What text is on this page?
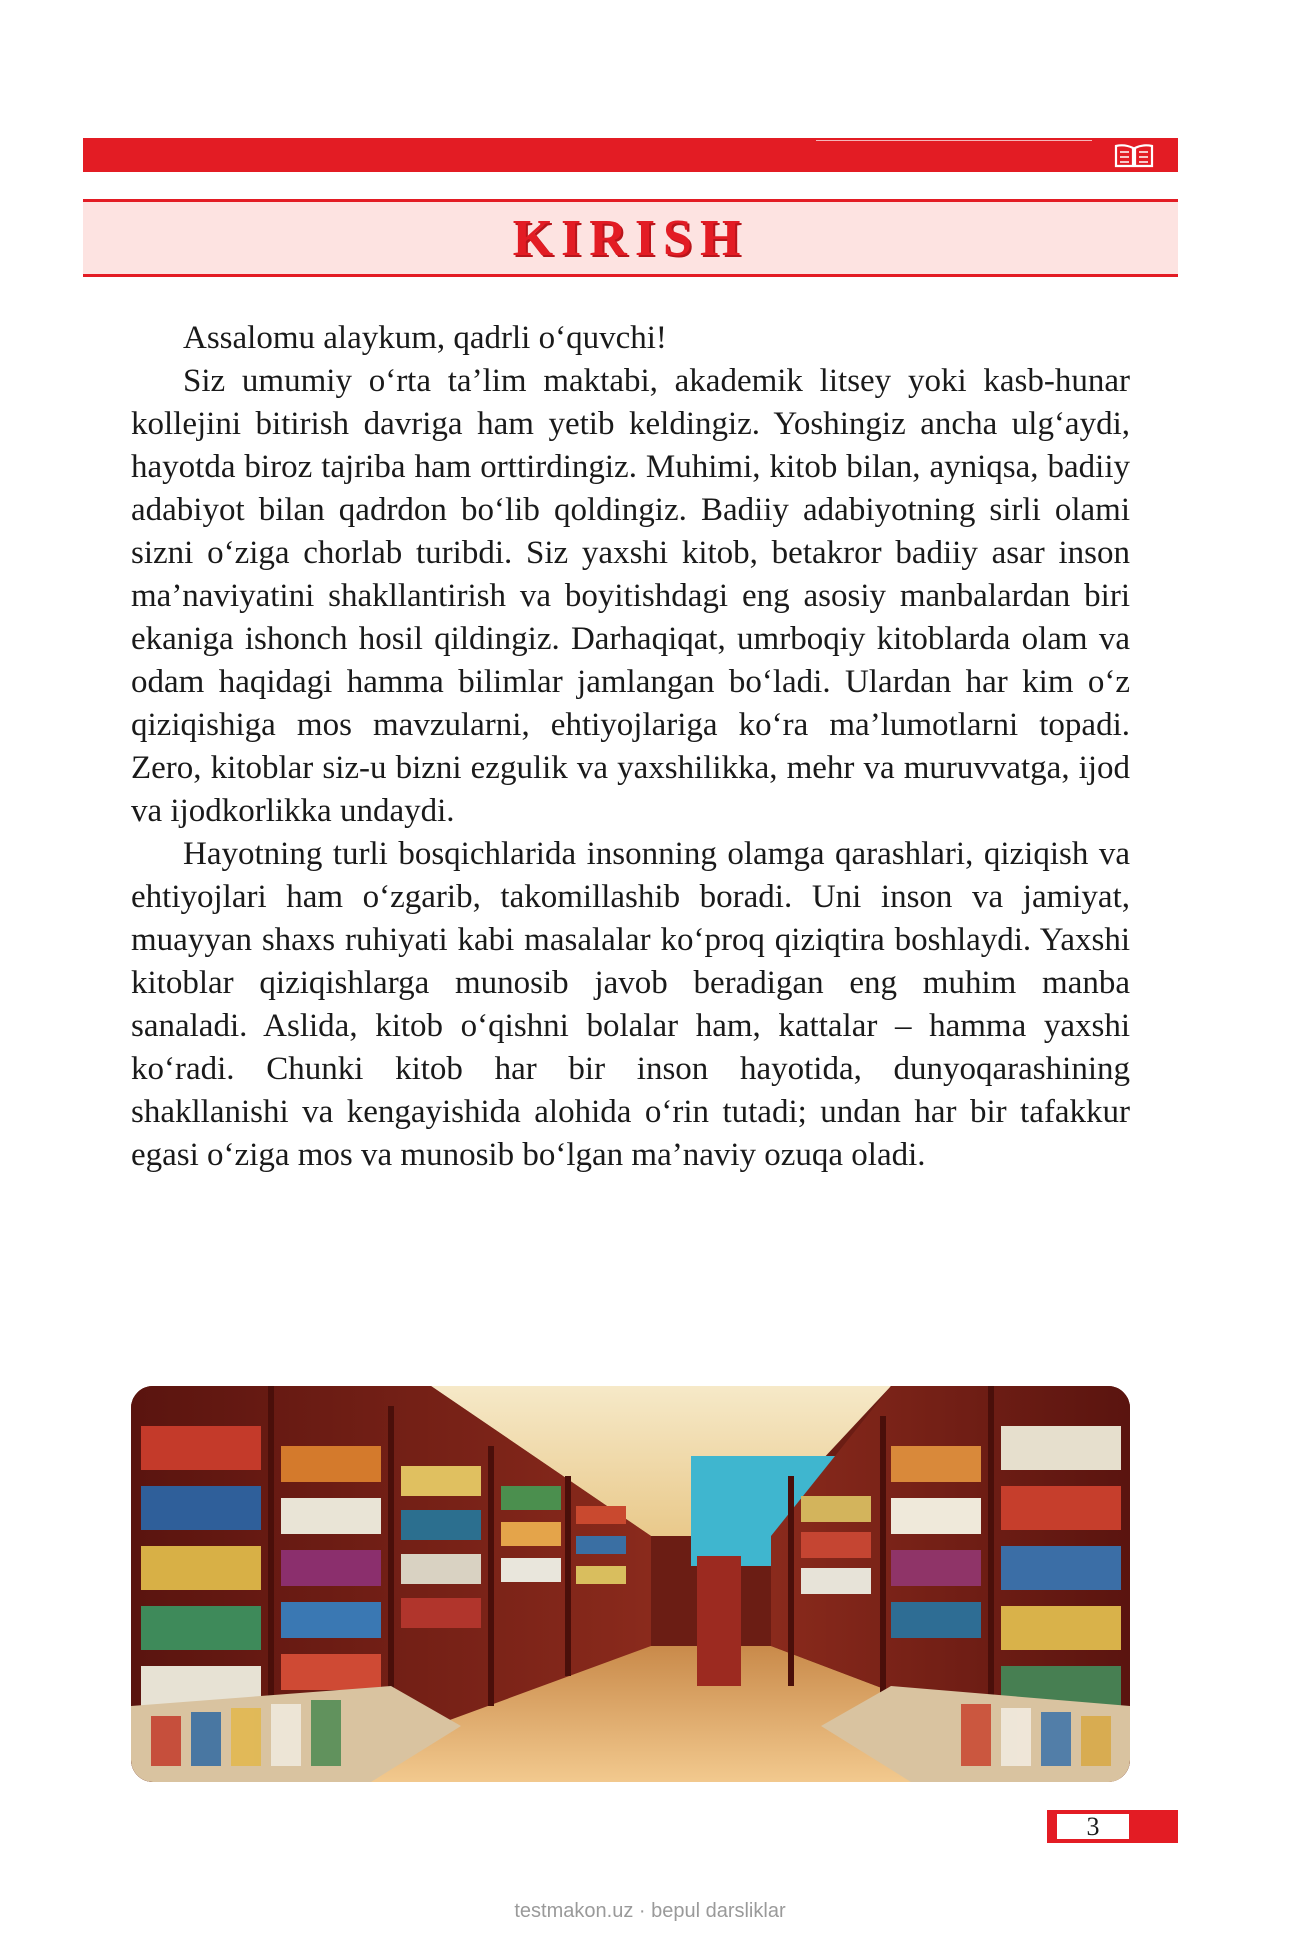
KIRISH

Assalomu alaykum, qadrli o‘quvchi!

Siz umumiy o‘rta ta’lim maktabi, akademik litsey yoki kasb-hunar kollejini bitirish davriga ham yetib keldingiz. Yoshingiz ancha ulg‘aydi, hayotda biroz tajriba ham orttirdingiz. Muhimi, kitob bilan, ayniqsa, badiiy adabiyot bilan qadrdon bo‘lib qoldingiz. Badiiy adabiyotning sirli olami sizni o‘ziga chorlab turibdi. Siz yaxshi kitob, betakror badiiy asar inson ma’naviyatini shakllantirish va boyitishdagi eng asosiy manbalardan biri ekaniga ishonch hosil qildingiz. Darhaqiqat, umrboqiy kitoblarda olam va odam haqidagi hamma bilimlar jamlangan bo‘ladi. Ulardan har kim o‘z qiziqishiga mos mavzularni, ehtiyojlariga ko‘ra ma’lumotlarni topadi. Zero, kitoblar siz-u bizni ezgulik va yaxshilikka, mehr va muruvvatga, ijod va ijodkorlikka undaydi.

Hayotning turli bosqichlarida insonning olamga qarashlari, qiziqish va ehtiyojlari ham o‘zgarib, takomillashib boradi. Uni inson va jamiyat, muayyan shaxs ruhiyati kabi masalalar ko‘proq qiziqtira boshlaydi. Yaxshi kitoblar qiziqishlarga munosib javob beradigan eng muhim manba sanaladi. Aslida, kitob o‘qishni bolalar ham, kattalar – hamma yaxshi ko‘radi. Chunki kitob har bir inson hayotida, dunyoqarashining shakllanishi va kengayishida alohida o‘rin tutadi; undan har bir tafakkur egasi o‘ziga mos va munosib bo‘lgan ma’naviy ozuqa oladi.

3
testmakon.uz · bepul darsliklar
